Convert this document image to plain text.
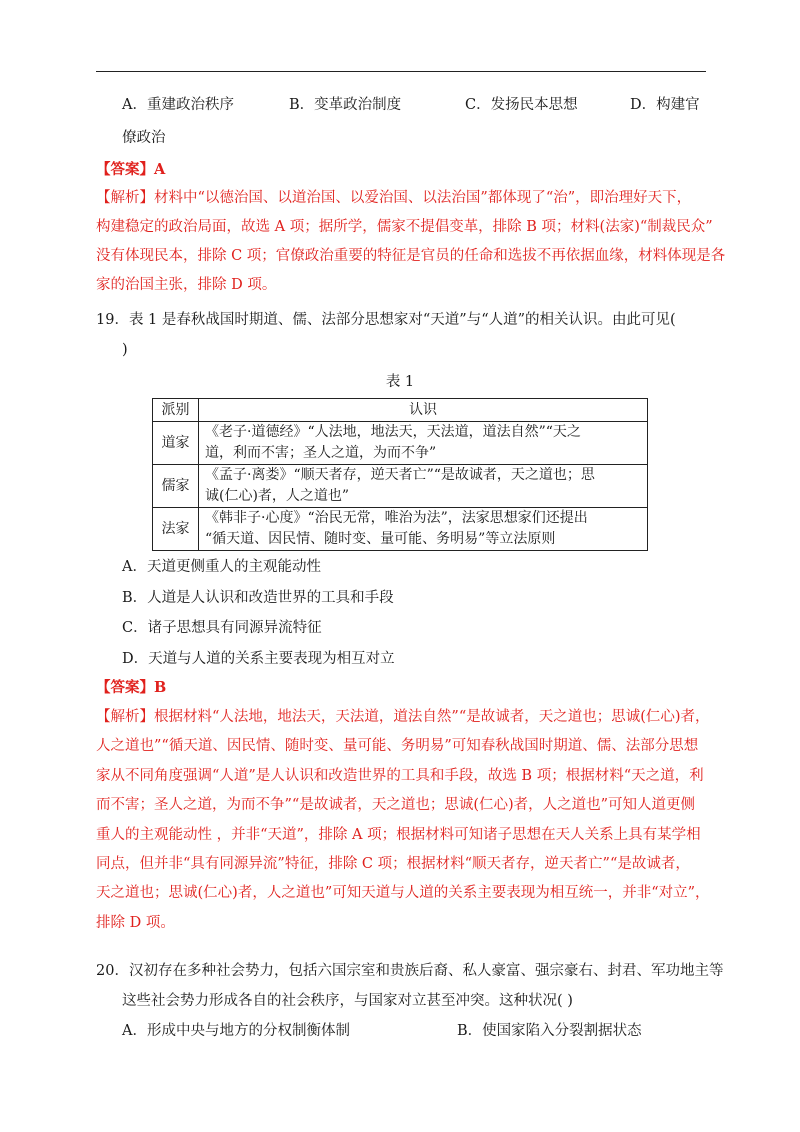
A．重建政治秩序	B．变革政治制度	C．发扬民本思想	D．构建官
僚政治
【答案】A
【解析】材料中“以德治国、以道治国、以爱治国、以法治国”都体现了“治”，即治理好天下，
构建稳定的政治局面，故选 A 项；据所学，儒家不提倡变革，排除 B 项；材料(法家)“制裁民众”
没有体现民本，排除 C 项；官僚政治重要的特征是官员的任命和选拔不再依据血缘，材料体现是各
家的治国主张，排除 D 项。
19．表 1 是春秋战国时期道、儒、法部分思想家对“天道”与“人道”的相关认识。由此可见(
)
表 1
派别	认识
道家	《老子·道德经》“人法地，地法天，天法道，道法自然”“天之
道，利而不害；圣人之道，为而不争”

儒家	《孟子·离娄》“顺天者存，逆天者亡”“是故诚者，天之道也；思
诚(仁心)者，人之道也”

法家	《韩非子·心度》“治民无常，唯治为法”，法家思想家们还提出
“循天道、因民情、随时变、量可能、务明易”等立法原则
A．天道更侧重人的主观能动性
B．人道是人认识和改造世界的工具和手段
C．诸子思想具有同源异流特征
D．天道与人道的关系主要表现为相互对立
【答案】B
【解析】根据材料“人法地，地法天，天法道，道法自然”“是故诚者，天之道也；思诚(仁心)者，
人之道也”“循天道、因民情、随时变、量可能、务明易”可知春秋战国时期道、儒、法部分思想
家从不同角度强调“人道”是人认识和改造世界的工具和手段，故选 B 项；根据材料“天之道，利
而不害；圣人之道，为而不争”“是故诚者，天之道也；思诚(仁心)者，人之道也”可知人道更侧
重人的主观能动性 ，并非“天道”，排除 A 项；根据材料可知诸子思想在天人关系上具有某学相
同点，但并非“具有同源异流”特征，排除 C 项；根据材料“顺天者存，逆天者亡”“是故诚者，
天之道也；思诚(仁心)者，人之道也”可知天道与人道的关系主要表现为相互统一，并非“对立”，
排除 D 项。
20．汉初存在多种社会势力，包括六国宗室和贵族后裔、私人豪富、强宗豪右、封君、军功地主等
这些社会势力形成各自的社会秩序，与国家对立甚至冲突。这种状况( )
A．形成中央与地方的分权制衡体制	B．使国家陷入分裂割据状态
